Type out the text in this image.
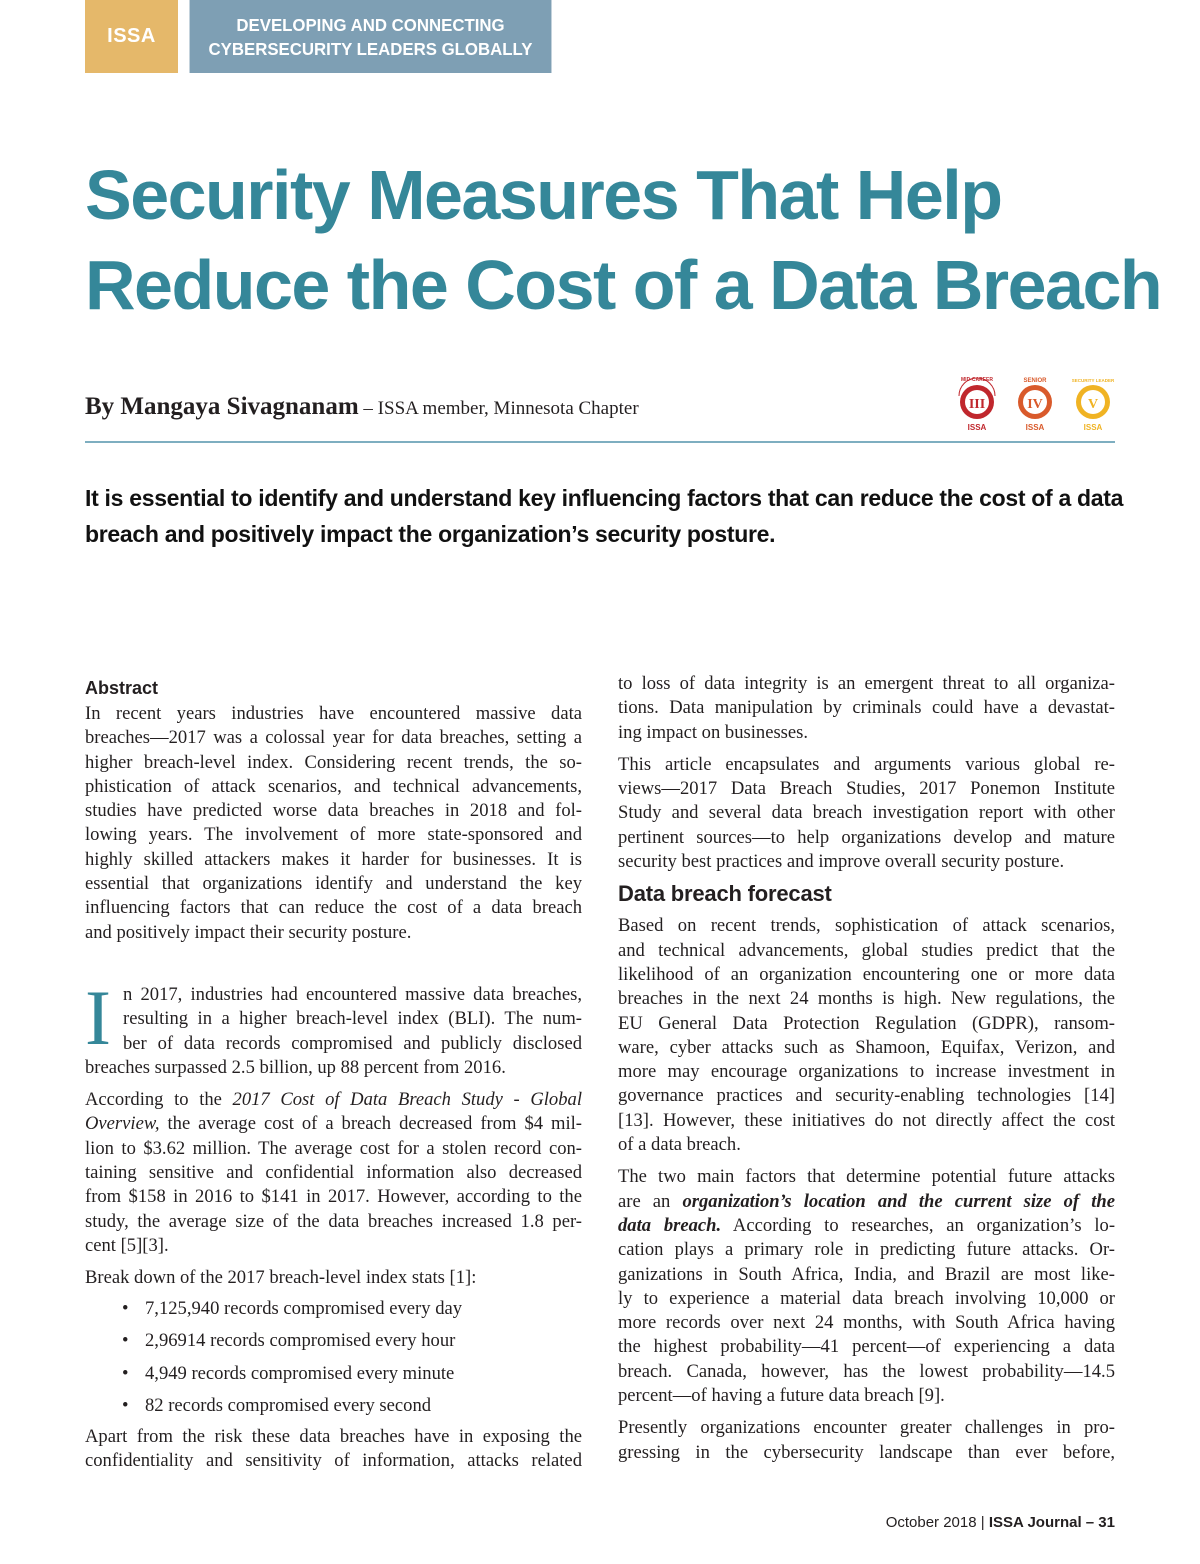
ISSA	DEVELOPING AND CONNECTING
CYBERSECURITY LEADERS GLOBALLY
Security Measures That Help
Reduce the Cost of a Data Breach
By Mangaya Sivagnanam – ISSA member, Minnesota Chapter
MID-CAREER
III
ISSA
SENIOR
IV
ISSA
SECURITY LEADER
V
ISSA
It is essential to identify and understand key influencing factors that can reduce the cost of a data
breach and positively impact the organization’s security posture.
Abstract
In recent years industries have encountered massive data
breaches—2017 was a colossal year for data breaches, setting a
higher breach-level index. Considering recent trends, the so-
phistication of attack scenarios, and technical advancements,
studies have predicted worse data breaches in 2018 and fol-
lowing years. The involvement of more state-sponsored and
highly skilled attackers makes it harder for businesses. It is
essential that organizations identify and understand the key
influencing factors that can reduce the cost of a data breach
and positively impact their security posture.
I n 2017, industries had encountered massive data breaches,
resulting in a higher breach-level index (BLI). The num-
ber of data records compromised and publicly disclosed
breaches surpassed 2.5 billion, up 88 percent from 2016.
According to the 2017 Cost of Data Breach Study - Global
Overview, the average cost of a breach decreased from $4 mil-
lion to $3.62 million. The average cost for a stolen record con-
taining sensitive and confidential information also decreased
from $158 in 2016 to $141 in 2017. However, according to the
study, the average size of the data breaches increased 1.8 per-
cent [5][3].
Break down of the 2017 breach-level index stats [1]:
• 7,125,940 records compromised every day
• 2,96914 records compromised every hour
• 4,949 records compromised every minute
• 82 records compromised every second
Apart from the risk these data breaches have in exposing the
confidentiality and sensitivity of information, attacks related
to loss of data integrity is an emergent threat to all organiza-
tions. Data manipulation by criminals could have a devastat-
ing impact on businesses.
This article encapsulates and arguments various global re-
views—2017 Data Breach Studies, 2017 Ponemon Institute
Study and several data breach investigation report with other
pertinent sources—to help organizations develop and mature
security best practices and improve overall security posture.
Data breach forecast
Based on recent trends, sophistication of attack scenarios,
and technical advancements, global studies predict that the
likelihood of an organization encountering one or more data
breaches in the next 24 months is high. New regulations, the
EU General Data Protection Regulation (GDPR), ransom-
ware, cyber attacks such as Shamoon, Equifax, Verizon, and
more may encourage organizations to increase investment in
governance practices and security-enabling technologies [14]
[13]. However, these initiatives do not directly affect the cost
of a data breach.
The two main factors that determine potential future attacks
are an organization’s location and the current size of the
data breach. According to researches, an organization’s lo-
cation plays a primary role in predicting future attacks. Or-
ganizations in South Africa, India, and Brazil are most like-
ly to experience a material data breach involving 10,000 or
more records over next 24 months, with South Africa having
the highest probability—41 percent—of experiencing a data
breach. Canada, however, has the lowest probability—14.5
percent—of having a future data breach [9].
Presently organizations encounter greater challenges in pro-
gressing in the cybersecurity landscape than ever before,
October 2018 | ISSA Journal – 31
